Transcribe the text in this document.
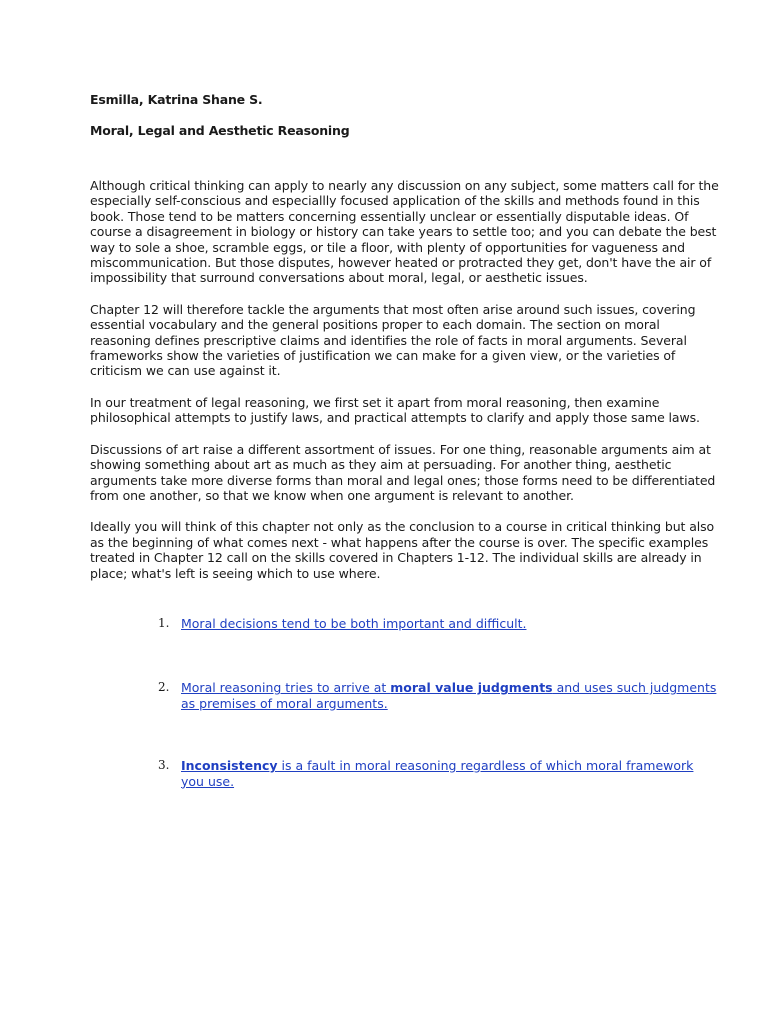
Esmilla, Katrina Shane S.

Moral, Legal and Aesthetic Reasoning

Although critical thinking can apply to nearly any discussion on any subject, some matters call for the especially self-conscious and especiallly focused application of the skills and methods found in this book. Those tend to be matters concerning essentially unclear or essentially disputable ideas. Of course a disagreement in biology or history can take years to settle too; and you can debate the best way to sole a shoe, scramble eggs, or tile a floor, with plenty of opportunities for vagueness and miscommunication. But those disputes, however heated or protracted they get, don't have the air of impossibility that surround conversations about moral, legal, or aesthetic issues.

Chapter 12 will therefore tackle the arguments that most often arise around such issues, covering essential vocabulary and the general positions proper to each domain. The section on moral reasoning defines prescriptive claims and identifies the role of facts in moral arguments. Several frameworks show the varieties of justification we can make for a given view, or the varieties of criticism we can use against it.

In our treatment of legal reasoning, we first set it apart from moral reasoning, then examine philosophical attempts to justify laws, and practical attempts to clarify and apply those same laws.

Discussions of art raise a different assortment of issues. For one thing, reasonable arguments aim at showing something about art as much as they aim at persuading. For another thing, aesthetic arguments take more diverse forms than moral and legal ones; those forms need to be differentiated from one another, so that we know when one argument is relevant to another.

Ideally you will think of this chapter not only as the conclusion to a course in critical thinking but also as the beginning of what comes next - what happens after the course is over. The specific examples treated in Chapter 12 call on the skills covered in Chapters 1-12. The individual skills are already in place; what's left is seeing which to use where.

1. Moral decisions tend to be both important and difficult.
2. Moral reasoning tries to arrive at moral value judgments and uses such judgments as premises of moral arguments.
3. Inconsistency is a fault in moral reasoning regardless of which moral framework you use.
